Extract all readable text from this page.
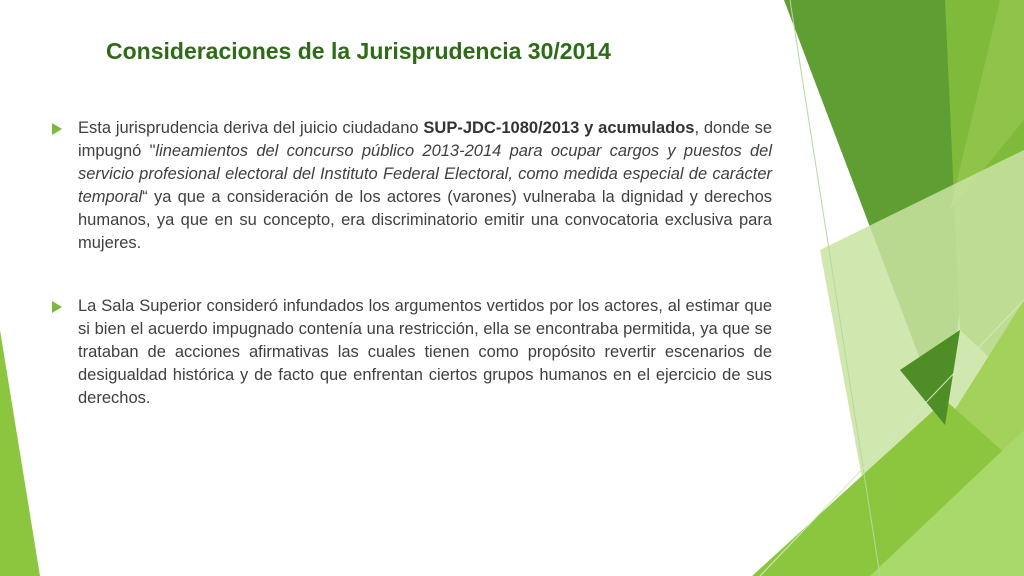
Consideraciones de la Jurisprudencia 30/2014
Esta jurisprudencia deriva del juicio ciudadano SUP-JDC-1080/2013 y acumulados, donde se impugnó "lineamientos del concurso público 2013-2014 para ocupar cargos y puestos del servicio profesional electoral del Instituto Federal Electoral, como medida especial de carácter temporal“ ya que a consideración de los actores (varones) vulneraba la dignidad y derechos humanos, ya que en su concepto, era discriminatorio emitir una convocatoria exclusiva para mujeres.
La Sala Superior consideró infundados los argumentos vertidos por los actores, al estimar que si bien el acuerdo impugnado contenía una restricción, ella se encontraba permitida, ya que se trataban de acciones afirmativas las cuales tienen como propósito revertir escenarios de desigualdad histórica y de facto que enfrentan ciertos grupos humanos en el ejercicio de sus derechos.
